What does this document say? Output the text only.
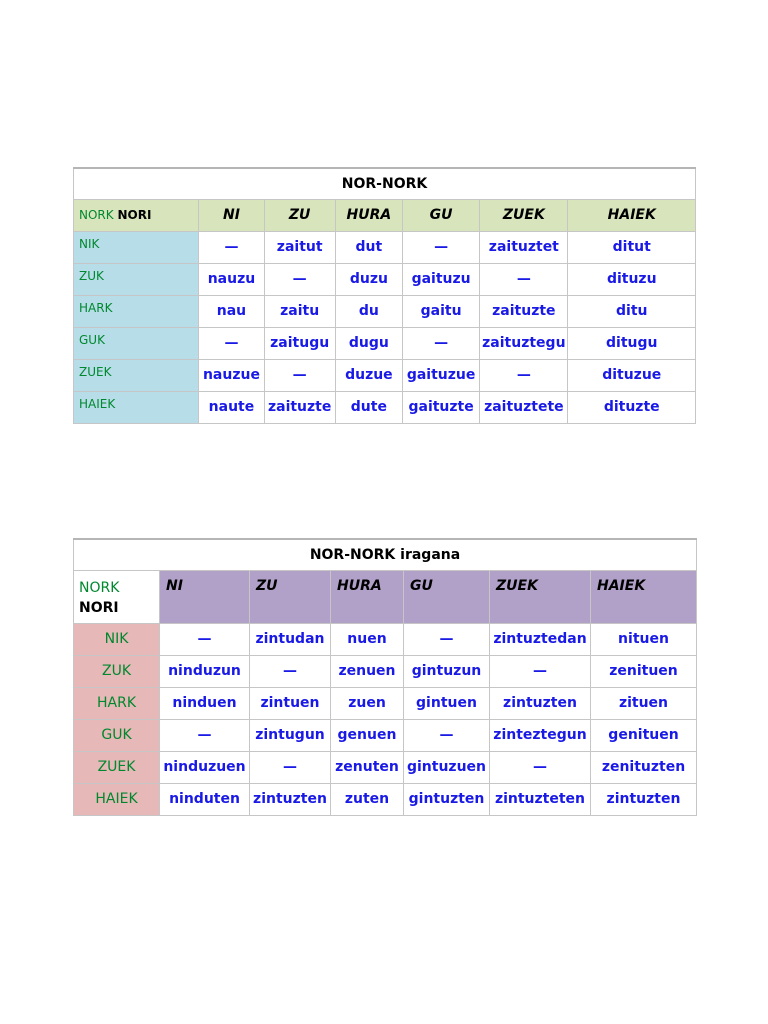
NOR-NORK						
NORK NORI	NI	ZU	HURA	GU	ZUEK	HAIEK
NIK	—	zaitut	dut	—	zaituztet	ditut
ZUK	nauzu	—	duzu	gaituzu	—	dituzu
HARK	nau	zaitu	du	gaitu	zaituzte	ditu
GUK	—	zaitugu	dugu	—	zaituztegu	ditugu
ZUEK	nauzue	—	duzue	gaituzue	—	dituzue
HAIEK	naute	zaituzte	dute	gaituzte	zaituztete	dituzte
NOR-NORK iragana						

NORK
NORI	NI	ZU	HURA	GU	ZUEK	HAIEK
NIK	—	zintudan	nuen	—	zintuztedan	nituen
ZUK	ninduzun	—	zenuen	gintuzun	—	zenituen
HARK	ninduen	zintuen	zuen	gintuen	zintuzten	zituen
GUK	—	zintugun	genuen	—	zinteztegun	genituen
ZUEK	ninduzuen	—	zenuten	gintuzuen	—	zenituzten
HAIEK	ninduten	zintuzten	zuten	gintuzten	zintuzteten	zintuzten
